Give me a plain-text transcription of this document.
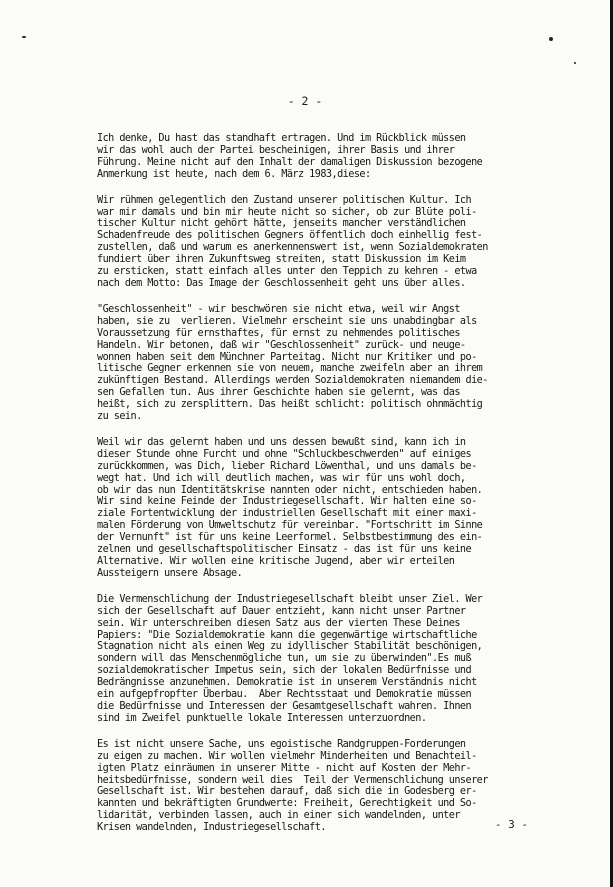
- 2 -
Ich denke, Du hast das standhaft ertragen. Und im Rückblick müssen
wir das wohl auch der Partei bescheinigen, ihrer Basis und ihrer
Führung. Meine nicht auf den Inhalt der damaligen Diskussion bezogene
Anmerkung ist heute, nach dem 6. März 1983,diese:
Wir rühmen gelegentlich den Zustand unserer politischen Kultur. Ich
war mir damals und bin mir heute nicht so sicher, ob zur Blüte poli-
tischer Kultur nicht gehört hätte, jenseits mancher verständlichen
Schadenfreude des politischen Gegners öffentlich doch einhellig fest-
zustellen, daß und warum es anerkennenswert ist, wenn Sozialdemokraten
fundiert über ihren Zukunftsweg streiten, statt Diskussion im Keim
zu ersticken, statt einfach alles unter den Teppich zu kehren - etwa
nach dem Motto: Das Image der Geschlossenheit geht uns über alles.
"Geschlossenheit" - wir beschwören sie nicht etwa, weil wir Angst
haben, sie zu  verlieren. Vielmehr erscheint sie uns unabdingbar als
Voraussetzung für ernsthaftes, für ernst zu nehmendes politisches
Handeln. Wir betonen, daß wir "Geschlossenheit" zurück- und neuge-
wonnen haben seit dem Münchner Parteitag. Nicht nur Kritiker und po-
litische Gegner erkennen sie von neuem, manche zweifeln aber an ihrem
zukünftigen Bestand. Allerdings werden Sozialdemokraten niemandem die-
sen Gefallen tun. Aus ihrer Geschichte haben sie gelernt, was das
heißt, sich zu zersplittern. Das heißt schlicht: politisch ohnmächtig
zu sein.
Weil wir das gelernt haben und uns dessen bewußt sind, kann ich in
dieser Stunde ohne Furcht und ohne "Schluckbeschwerden" auf einiges
zurückkommen, was Dich, lieber Richard Löwenthal, und uns damals be-
wegt hat. Und ich will deutlich machen, was wir für uns wohl doch,
ob wir das nun Identitätskrise nannten oder nicht, entschieden haben.
Wir sind keine Feinde der Industriegesellschaft. Wir halten eine so-
ziale Fortentwicklung der industriellen Gesellschaft mit einer maxi-
malen Förderung von Umweltschutz für vereinbar. "Fortschritt im Sinne
der Vernunft" ist für uns keine Leerformel. Selbstbestimmung des ein-
zelnen und gesellschaftspolitischer Einsatz - das ist für uns keine
Alternative. Wir wollen eine kritische Jugend, aber wir erteilen
Aussteigern unsere Absage.
Die Vermenschlichung der Industriegesellschaft bleibt unser Ziel. Wer
sich der Gesellschaft auf Dauer entzieht, kann nicht unser Partner
sein. Wir unterschreiben diesen Satz aus der vierten These Deines
Papiers: "Die Sozialdemokratie kann die gegenwärtige wirtschaftliche
Stagnation nicht als einen Weg zu idyllischer Stabilität beschönigen,
sondern will das Menschenmögliche tun, um sie zu überwinden".Es muß
sozialdemokratischer Impetus sein, sich der lokalen Bedürfnisse und
Bedrängnisse anzunehmen. Demokratie ist in unserem Verständnis nicht
ein aufgepfropfter Überbau.  Aber Rechtsstaat und Demokratie müssen
die Bedürfnisse und Interessen der Gesamtgesellschaft wahren. Ihnen
sind im Zweifel punktuelle lokale Interessen unterzuordnen.
Es ist nicht unsere Sache, uns egoistische Randgruppen-Forderungen
zu eigen zu machen. Wir wollen vielmehr Minderheiten und Benachteil-
igten Platz einräumen in unserer Mitte - nicht auf Kosten der Mehr-
heitsbedürfnisse, sondern weil dies  Teil der Vermenschlichung unserer
Gesellschaft ist. Wir bestehen darauf, daß sich die in Godesberg er-
kannten und bekräftigten Grundwerte: Freiheit, Gerechtigkeit und So-
lidarität, verbinden lassen, auch in einer sich wandelnden, unter
Krisen wandelnden, Industriegesellschaft.	- 3 -
